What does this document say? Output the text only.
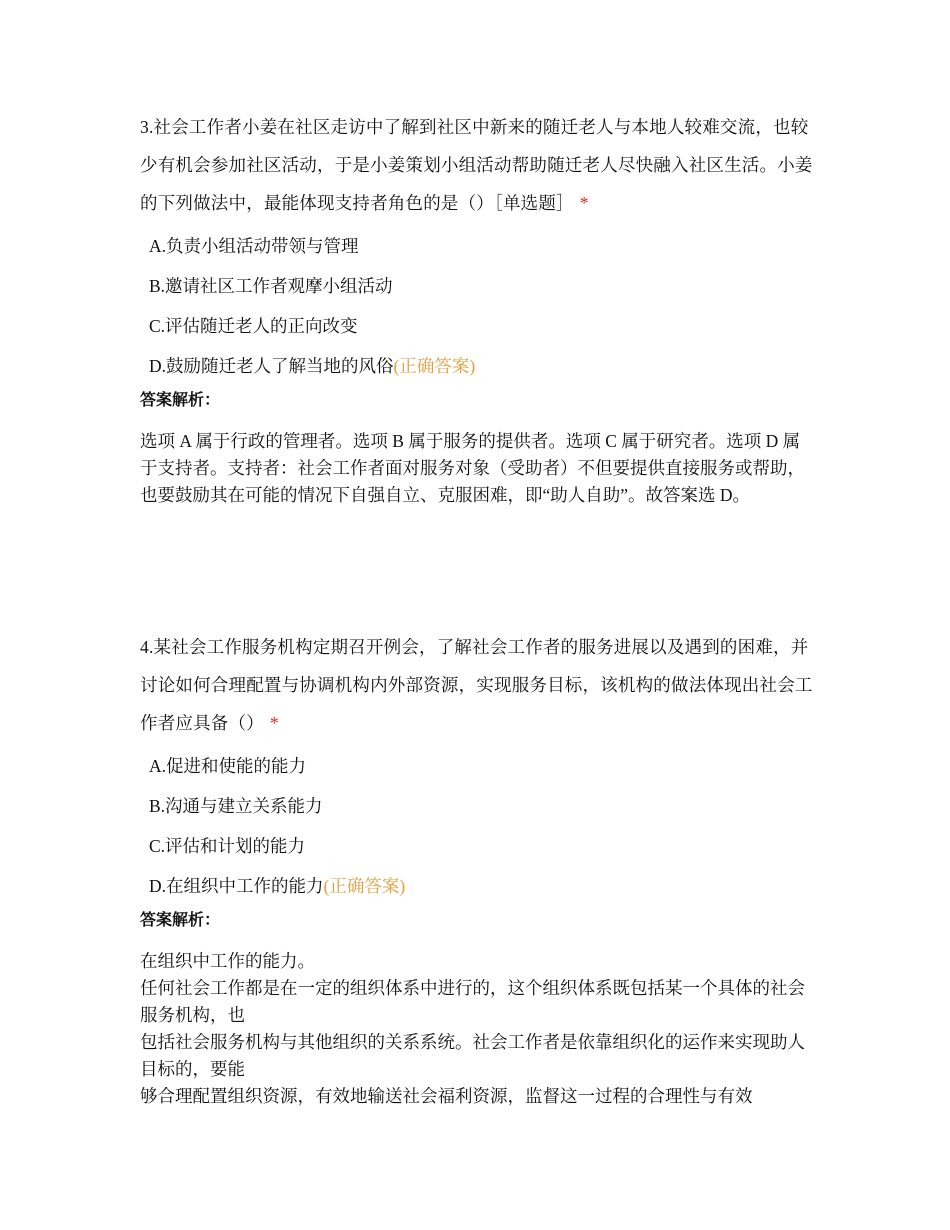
3.社会工作者小姜在社区走访中了解到社区中新来的随迁老人与本地人较难交流，也较少有机会参加社区活动，于是小姜策划小组活动帮助随迁老人尽快融入社区生活。小姜的下列做法中，最能体现支持者角色的是（）［单选题］ *

A.负责小组活动带领与管理
B.邀请社区工作者观摩小组活动
C.评估随迁老人的正向改变
D.鼓励随迁老人了解当地的风俗(正确答案)

答案解析：

选项 A 属于行政的管理者。选项 B 属于服务的提供者。选项 C 属于研究者。选项 D 属于支持者。支持者：社会工作者面对服务对象（受助者）不但要提供直接服务或帮助，也要鼓励其在可能的情况下自强自立、克服困难，即“助人自助”。故答案选 D。

4.某社会工作服务机构定期召开例会，了解社会工作者的服务进展以及遇到的困难，并讨论如何合理配置与协调机构内外部资源，实现服务目标，该机构的做法体现出社会工作者应具备（） *

A.促进和使能的能力
B.沟通与建立关系能力
C.评估和计划的能力
D.在组织中工作的能力(正确答案)

答案解析：

在组织中工作的能力。
任何社会工作都是在一定的组织体系中进行的，这个组织体系既包括某一个具体的社会服务机构，也
包括社会服务机构与其他组织的关系系统。社会工作者是依靠组织化的运作来实现助人目标的，要能
够合理配置组织资源，有效地输送社会福利资源，监督这一过程的合理性与有效
